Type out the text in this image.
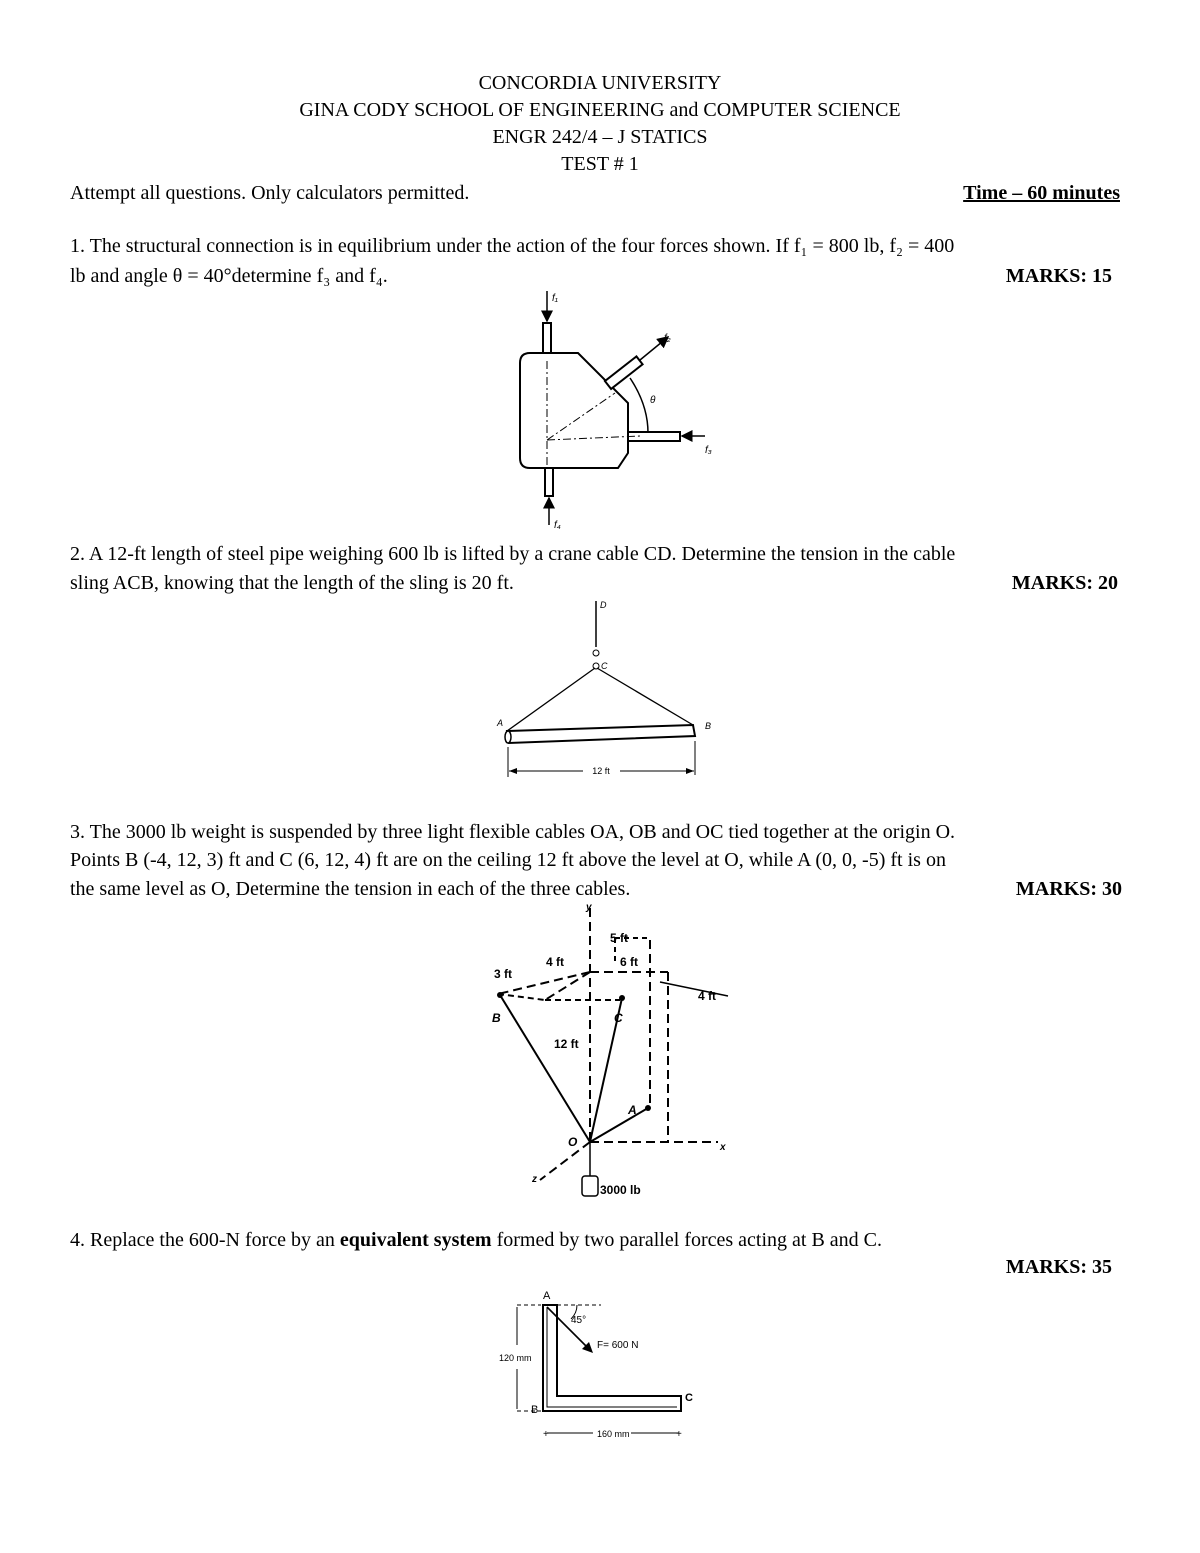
CONCORDIA UNIVERSITY
GINA CODY SCHOOL OF ENGINEERING and COMPUTER SCIENCE
ENGR 242/4 – J STATICS
TEST # 1
Attempt all questions. Only calculators permitted.	Time – 60 minutes
1. The structural connection is in equilibrium under the action of the four forces shown. If f₁ = 800 lb, f₂ = 400
lb and angle θ = 40°determine f₃ and f₄.	MARKS: 15
f₁
f₄
f₂
f₃
θ
2. A 12-ft length of steel pipe weighing 600 lb is lifted by a crane cable CD. Determine the tension in the cable
sling ACB, knowing that the length of the sling is 20 ft.	MARKS: 20
D
C
A	B
12 ft
3. The 3000 lb weight is suspended by three light flexible cables OA, OB and OC tied together at the origin O.
Points B (-4, 12, 3) ft and C (6, 12, 4) ft are on the ceiling 12 ft above the level at O, while A (0, 0, -5) ft is on
the same level as O, Determine the tension in each of the three cables.	MARKS: 30
y
x
z
O
A
B	C
5 ft
4 ft	6 ft
3 ft
4 ft
12 ft
3000 lb
4. Replace the 600-N force by an equivalent system formed by two parallel forces acting at B and C.
MARKS: 35
+	+
A
B
C
45°
F= 600 N
120 mm
160 mm
